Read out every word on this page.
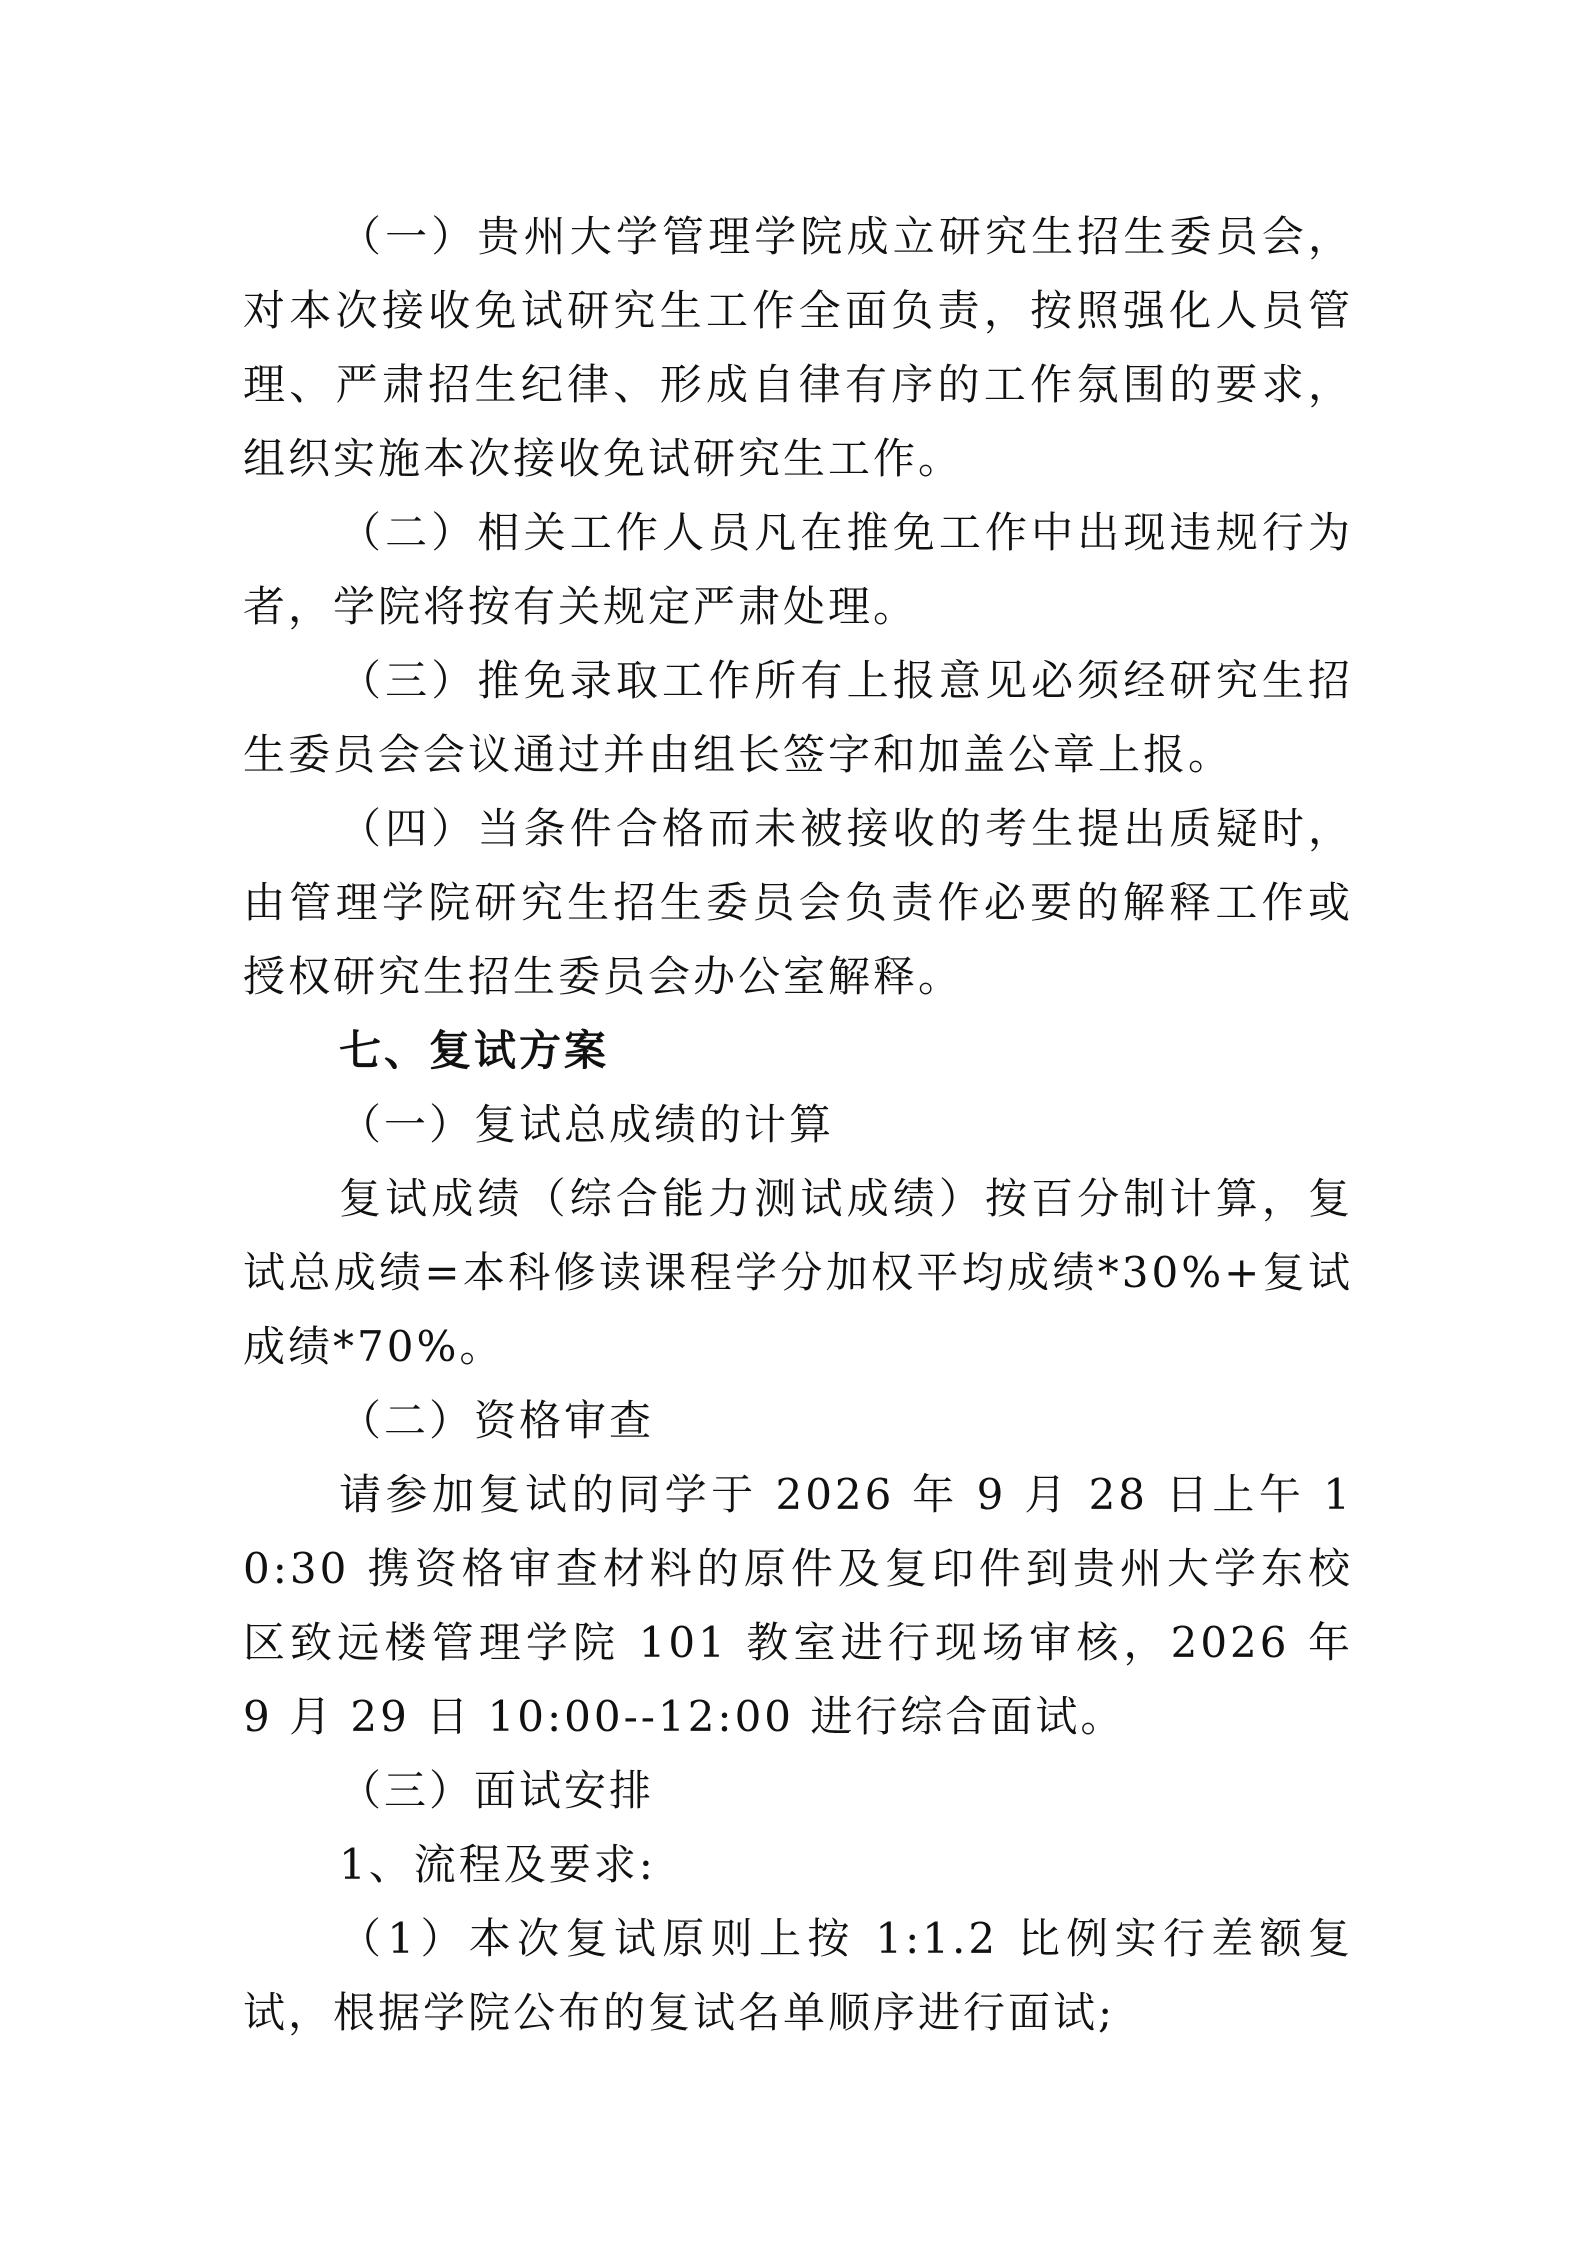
（一）贵州大学管理学院成立研究生招生委员会，对本次接收免试研究生工作全面负责，按照强化人员管理、严肃招生纪律、形成自律有序的工作氛围的要求，组织实施本次接收免试研究生工作。

（二）相关工作人员凡在推免工作中出现违规行为者，学院将按有关规定严肃处理。

（三）推免录取工作所有上报意见必须经研究生招生委员会会议通过并由组长签字和加盖公章上报。

（四）当条件合格而未被接收的考生提出质疑时，由管理学院研究生招生委员会负责作必要的解释工作或授权研究生招生委员会办公室解释。

七、复试方案

（一）复试总成绩的计算

复试成绩（综合能力测试成绩）按百分制计算，复试总成绩=本科修读课程学分加权平均成绩*30%+复试成绩*70%。

（二）资格审查

请参加复试的同学于 2026 年 9 月 28 日上午 10:30 携资格审查材料的原件及复印件到贵州大学东校区致远楼管理学院 101 教室进行现场审核，2026 年 9 月 29 日 10:00--12:00 进行综合面试。

（三）面试安排

1、流程及要求:

（1）本次复试原则上按 1:1.2 比例实行差额复试，根据学院公布的复试名单顺序进行面试;
